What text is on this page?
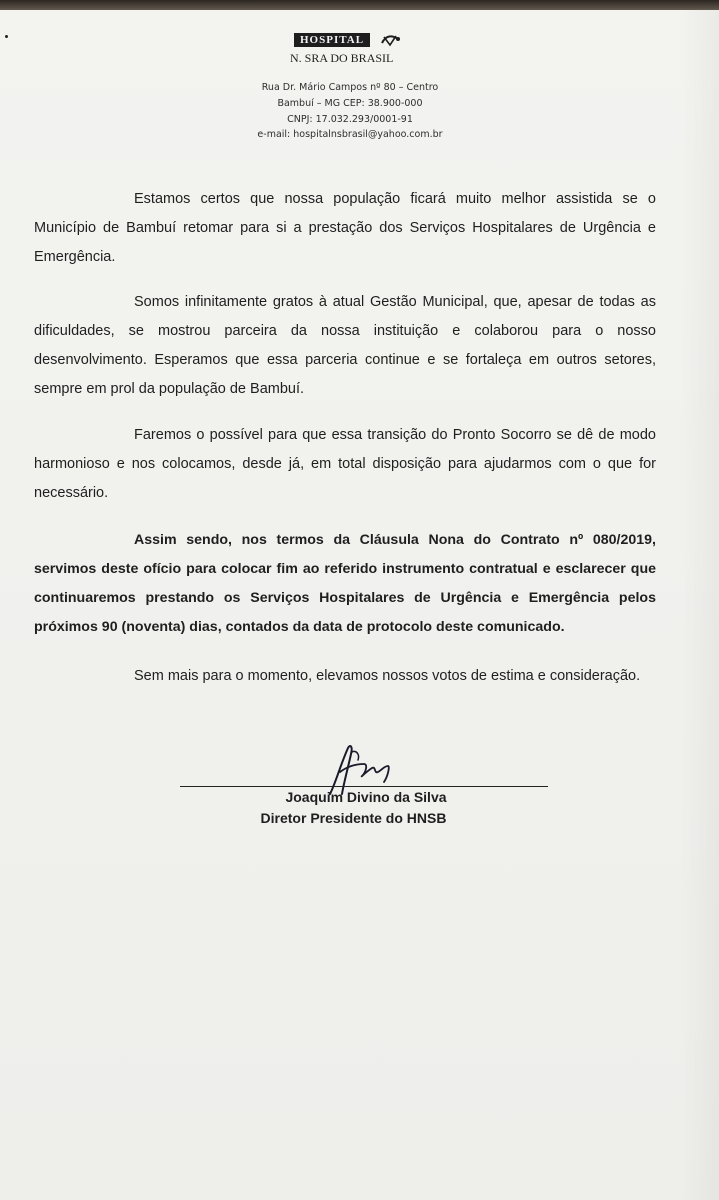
HOSPITAL
N. SRA DO BRASIL
Rua Dr. Mário Campos nº 80 – Centro
Bambuí – MG CEP: 38.900-000
CNPJ: 17.032.293/0001-91
e-mail: hospitalnsbrasil@yahoo.com.br

Estamos certos que nossa população ficará muito melhor assistida se o Município de Bambuí retomar para si a prestação dos Serviços Hospitalares de Urgência e Emergência.

Somos infinitamente gratos à atual Gestão Municipal, que, apesar de todas as dificuldades, se mostrou parceira da nossa instituição e colaborou para o nosso desenvolvimento. Esperamos que essa parceria continue e se fortaleça em outros setores, sempre em prol da população de Bambuí.

Faremos o possível para que essa transição do Pronto Socorro se dê de modo harmonioso e nos colocamos, desde já, em total disposição para ajudarmos com o que for necessário.

Assim sendo, nos termos da Cláusula Nona do Contrato nº 080/2019, servimos deste ofício para colocar fim ao referido instrumento contratual e esclarecer que continuaremos prestando os Serviços Hospitalares de Urgência e Emergência pelos próximos 90 (noventa) dias, contados da data de protocolo deste comunicado.

Sem mais para o momento, elevamos nossos votos de estima e consideração.

Joaquim Divino da Silva
Diretor Presidente do HNSB
